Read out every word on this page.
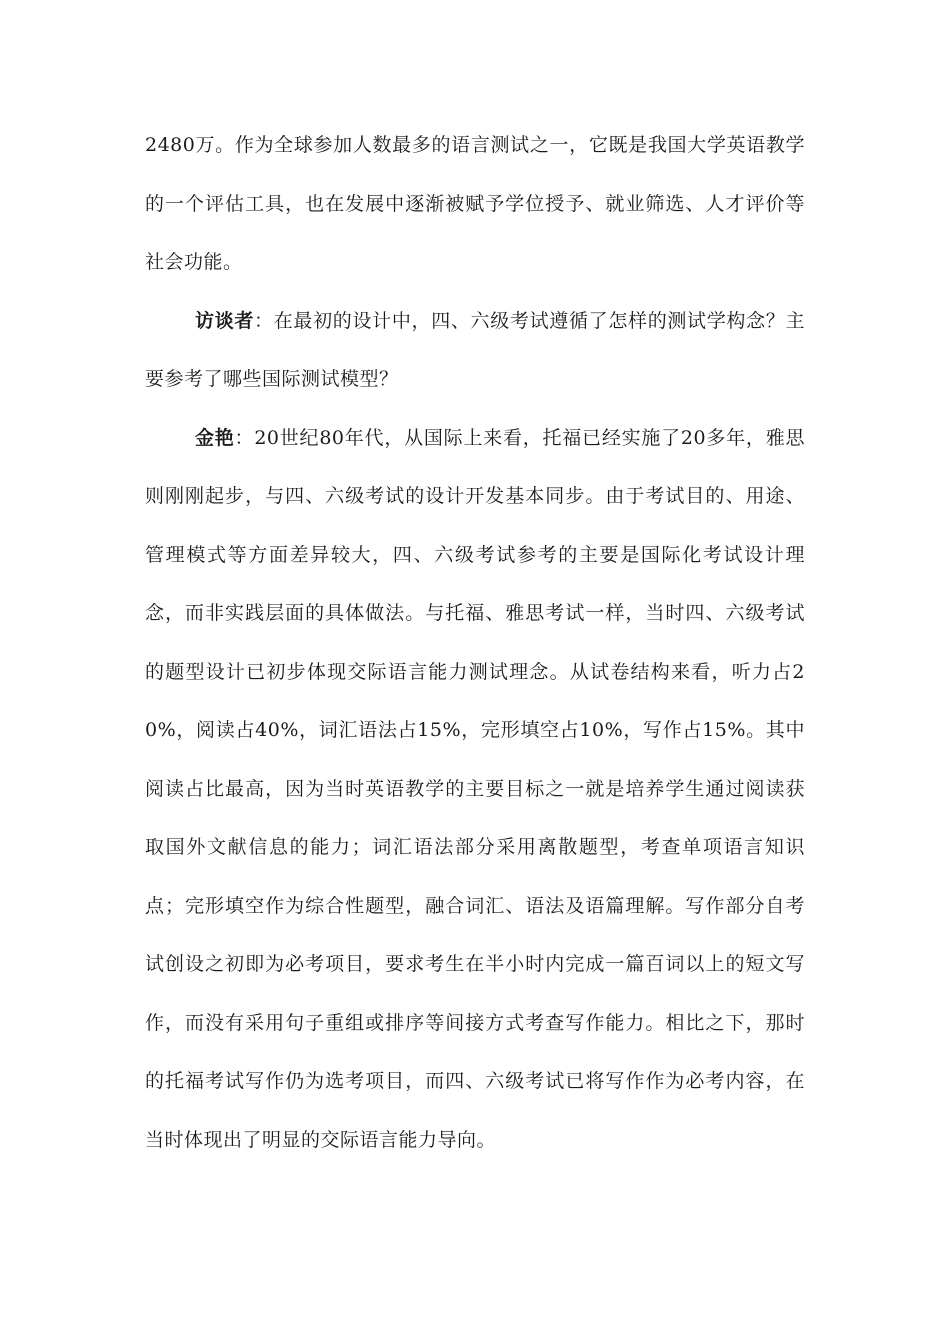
2480万。作为全球参加人数最多的语言测试之一，它既是我国大学英语教学的一个评估工具，也在发展中逐渐被赋予学位授予、就业筛选、人才评价等社会功能。

访谈者：在最初的设计中，四、六级考试遵循了怎样的测试学构念？主要参考了哪些国际测试模型？

金艳：20世纪80年代，从国际上来看，托福已经实施了20多年，雅思则刚刚起步，与四、六级考试的设计开发基本同步。由于考试目的、用途、管理模式等方面差异较大，四、六级考试参考的主要是国际化考试设计理念，而非实践层面的具体做法。与托福、雅思考试一样，当时四、六级考试的题型设计已初步体现交际语言能力测试理念。从试卷结构来看，听力占20%，阅读占40%，词汇语法占15%，完形填空占10%，写作占15%。其中阅读占比最高，因为当时英语教学的主要目标之一就是培养学生通过阅读获取国外文献信息的能力；词汇语法部分采用离散题型，考查单项语言知识点；完形填空作为综合性题型，融合词汇、语法及语篇理解。写作部分自考试创设之初即为必考项目，要求考生在半小时内完成一篇百词以上的短文写作，而没有采用句子重组或排序等间接方式考查写作能力。相比之下，那时的托福考试写作仍为选考项目，而四、六级考试已将写作作为必考内容，在当时体现出了明显的交际语言能力导向。
